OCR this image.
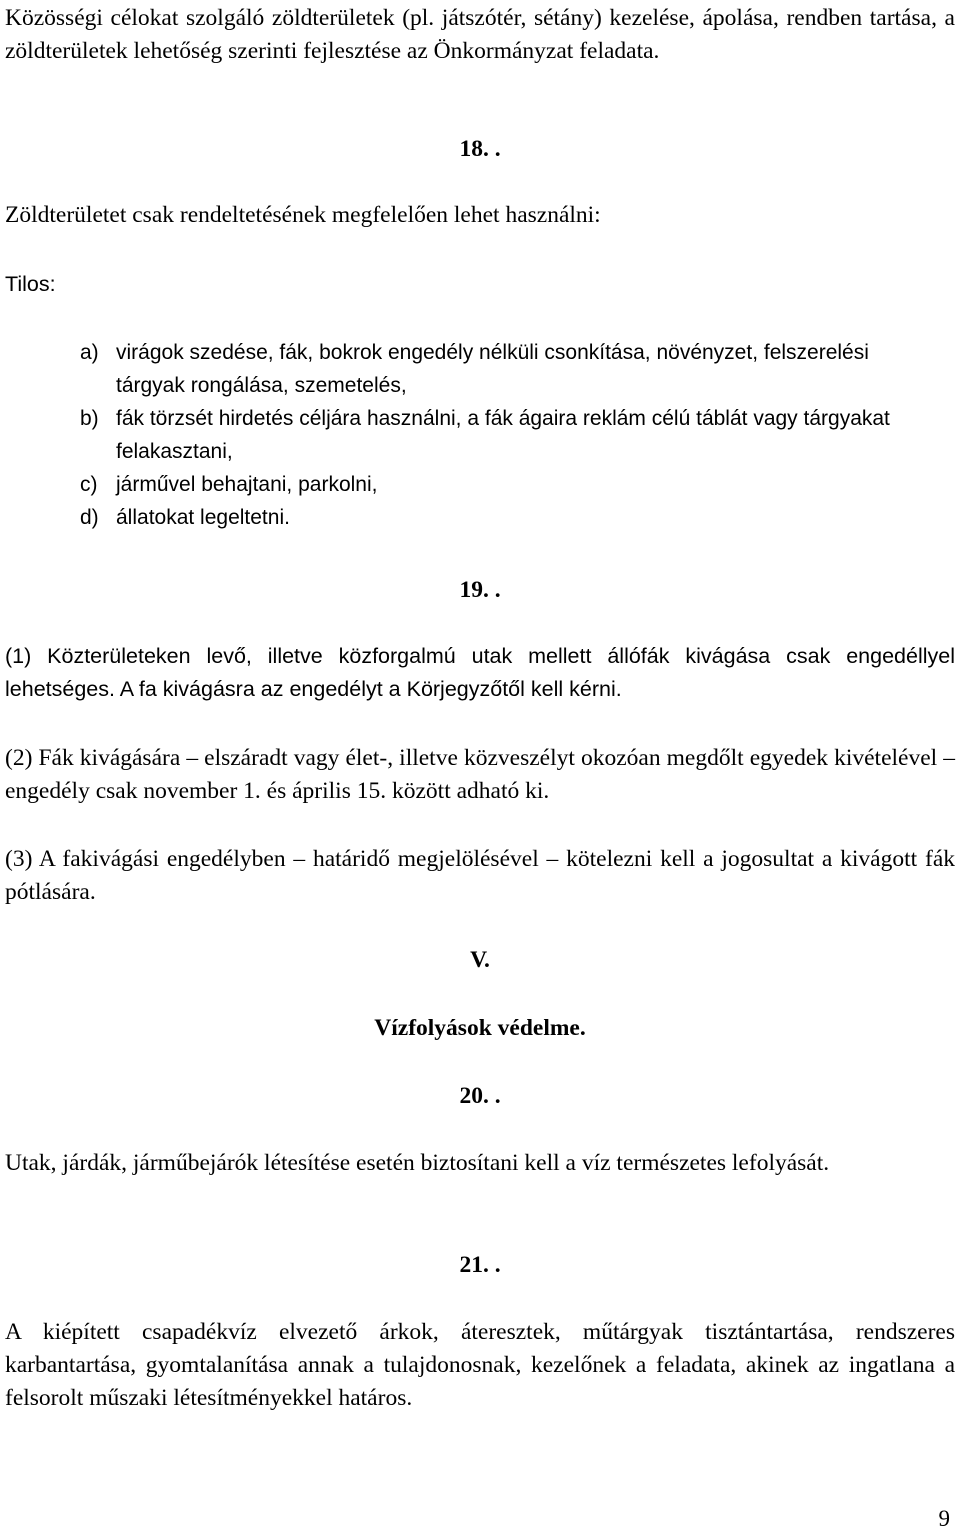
Közösségi célokat szolgáló zöldterületek (pl. játszótér, sétány) kezelése, ápolása, rendben tartása, a zöldterületek lehetőség szerinti fejlesztése az Önkormányzat feladata.

18. .

Zöldterületet csak rendeltetésének megfelelően lehet használni:

Tilos:

a) virágok szedése, fák, bokrok engedély nélküli csonkítása, növényzet, felszerelési tárgyak rongálása, szemetelés,
b) fák törzsét hirdetés céljára használni, a fák ágaira reklám célú táblát vagy tárgyakat felakasztani,
c) járművel behajtani, parkolni,
d) állatokat legeltetni.
19. .

(1) Közterületeken levő, illetve közforgalmú utak mellett állófák kivágása csak engedéllyel lehetséges. A fa kivágásra az engedélyt a Körjegyzőtől kell kérni.

(2) Fák kivágására – elszáradt vagy élet-, illetve közveszélyt okozóan megdőlt egyedek kivételével – engedély csak november 1. és április 15. között adható ki.

(3) A fakivágási engedélyben – határidő megjelölésével – kötelezni kell a jogosultat a kivágott fák pótlására.

V.
Vízfolyások védelme.
20. .

Utak, járdák, járműbejárók létesítése esetén biztosítani kell a víz természetes lefolyását.

21. .

A kiépített csapadékvíz elvezető árkok, áteresztek, műtárgyak tisztántartása, rendszeres karbantartása, gyomtalanítása annak a tulajdonosnak, kezelőnek a feladata, akinek az ingatlana a felsorolt műszaki létesítményekkel határos.

9
